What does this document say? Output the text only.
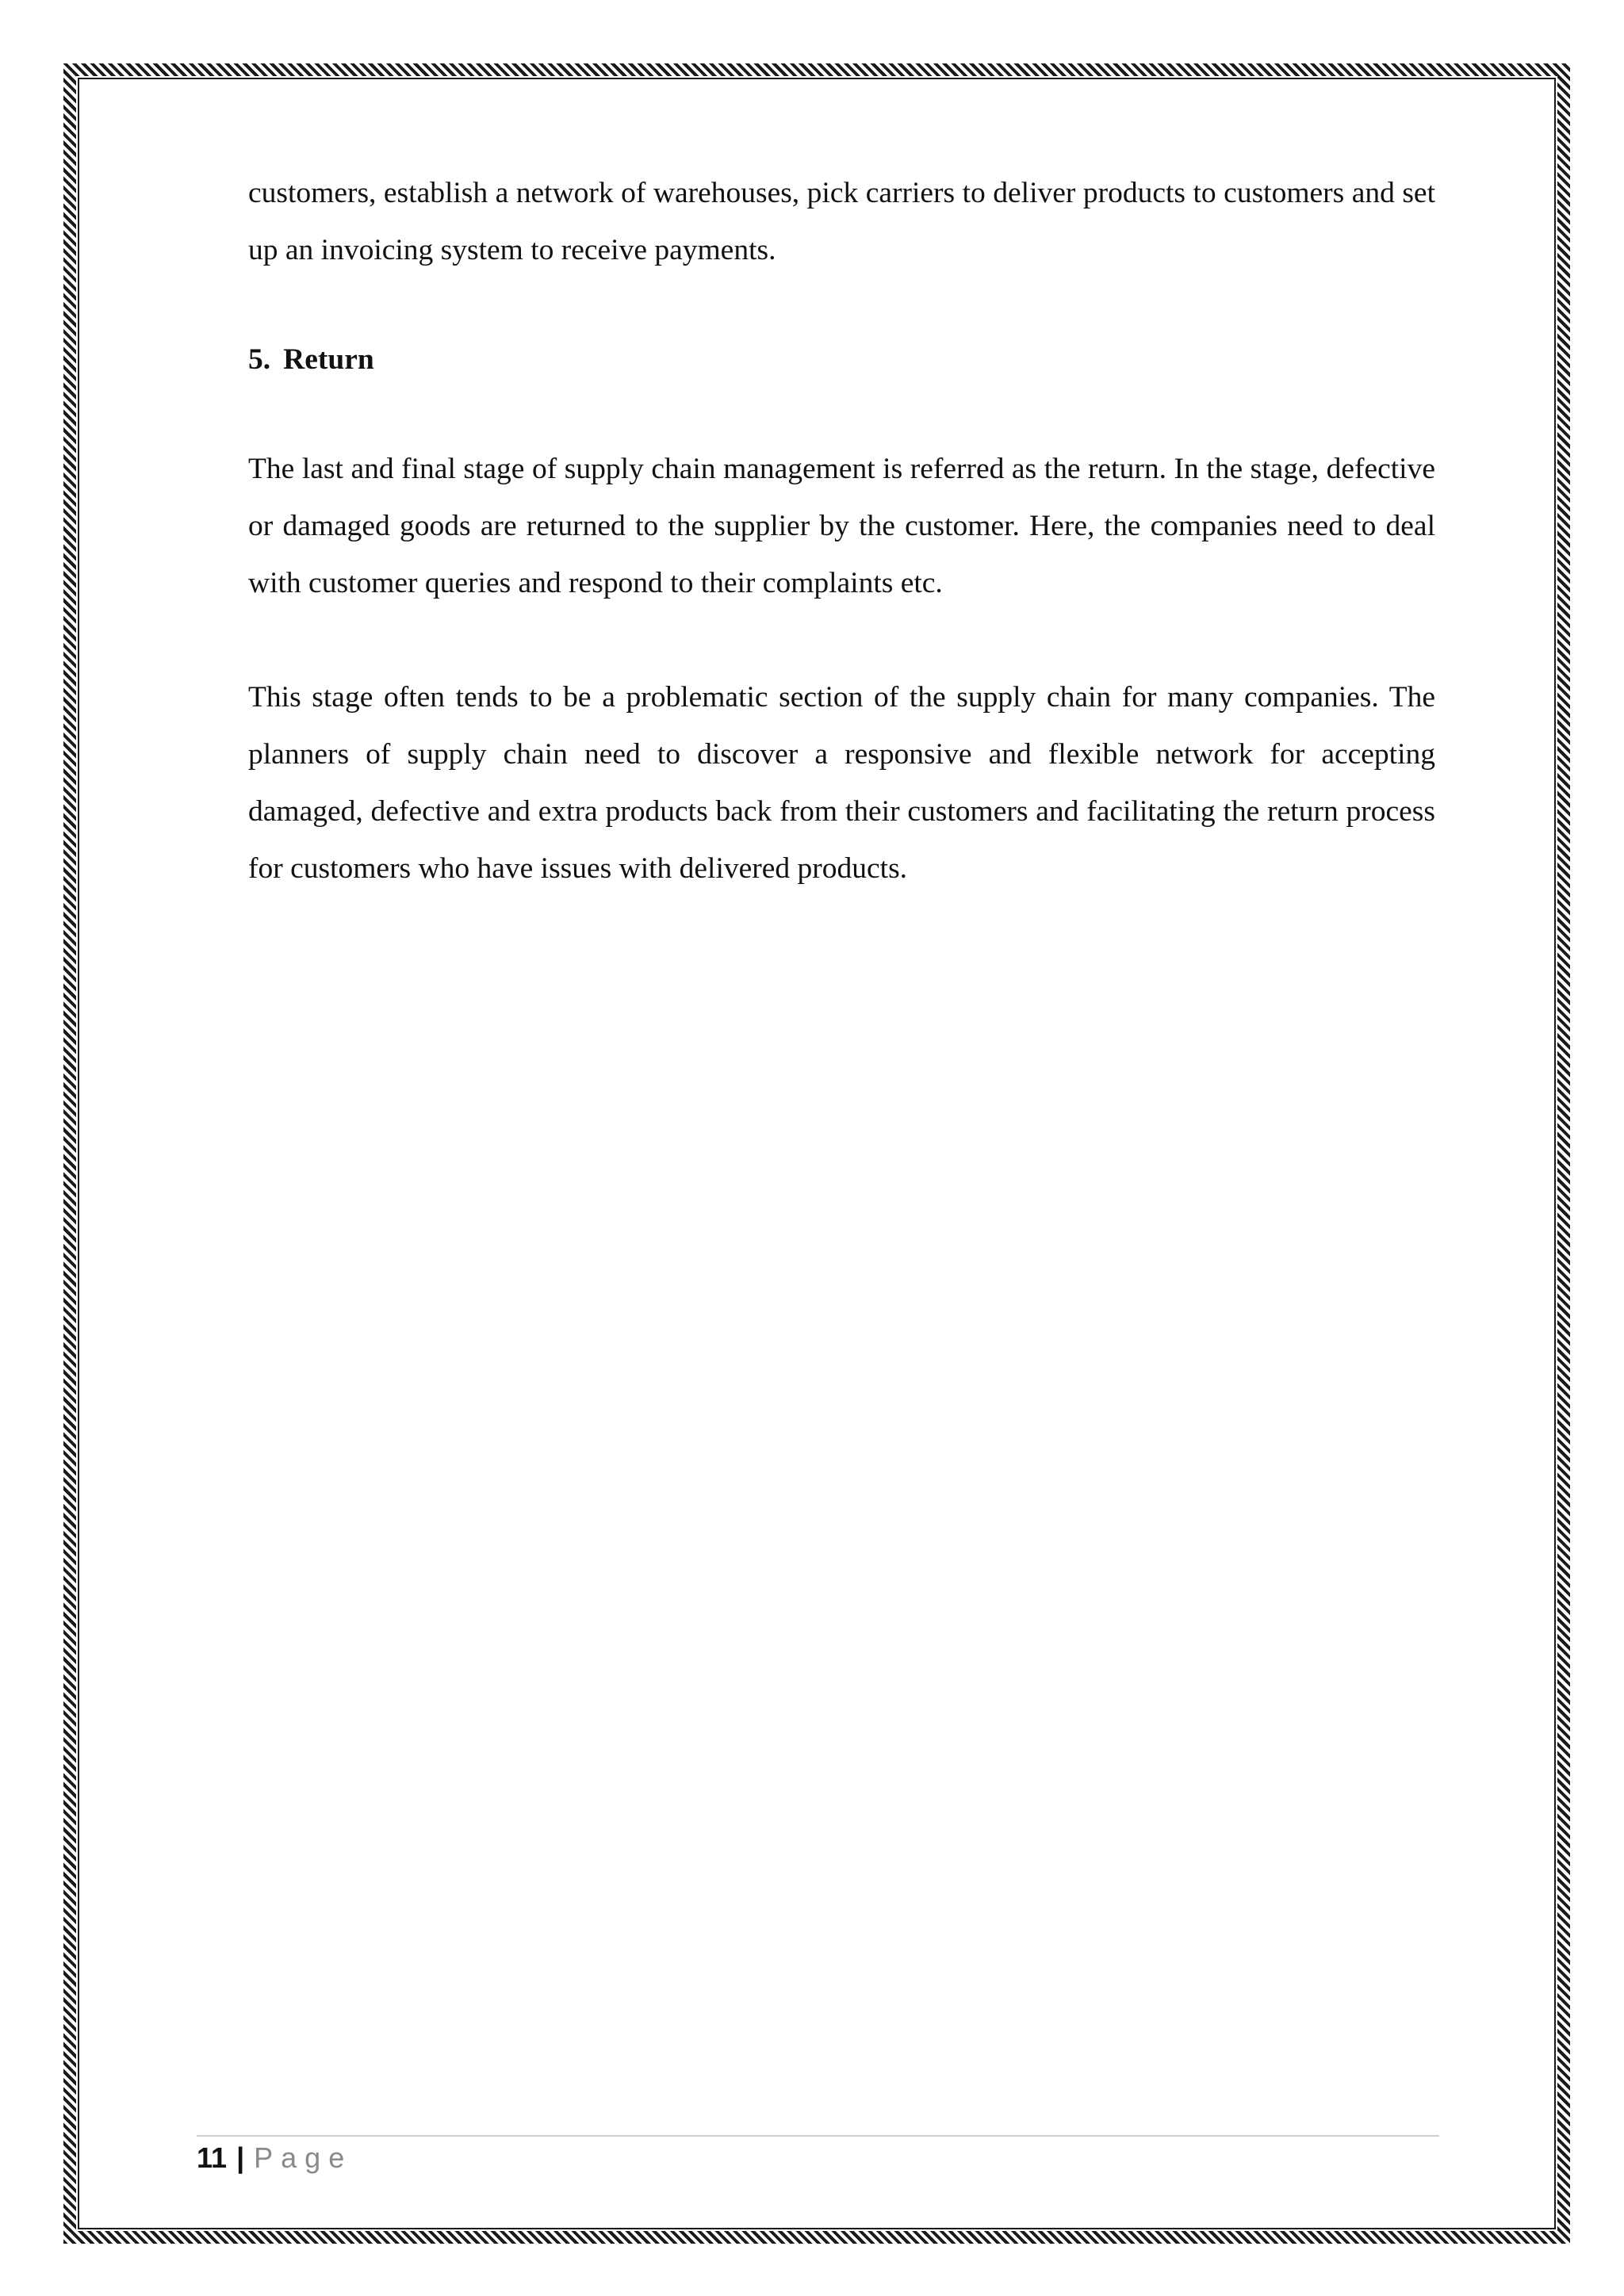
customers, establish a network of warehouses, pick carriers to deliver products to customers and set up an invoicing system to receive payments.

5. Return

The last and final stage of supply chain management is referred as the return. In the stage, defective or damaged goods are returned to the supplier by the customer. Here, the companies need to deal with customer queries and respond to their complaints etc.

This stage often tends to be a problematic section of the supply chain for many companies. The planners of supply chain need to discover a responsive and flexible network for accepting damaged, defective and extra products back from their customers and facilitating the return process for customers who have issues with delivered products.

11 | Page
